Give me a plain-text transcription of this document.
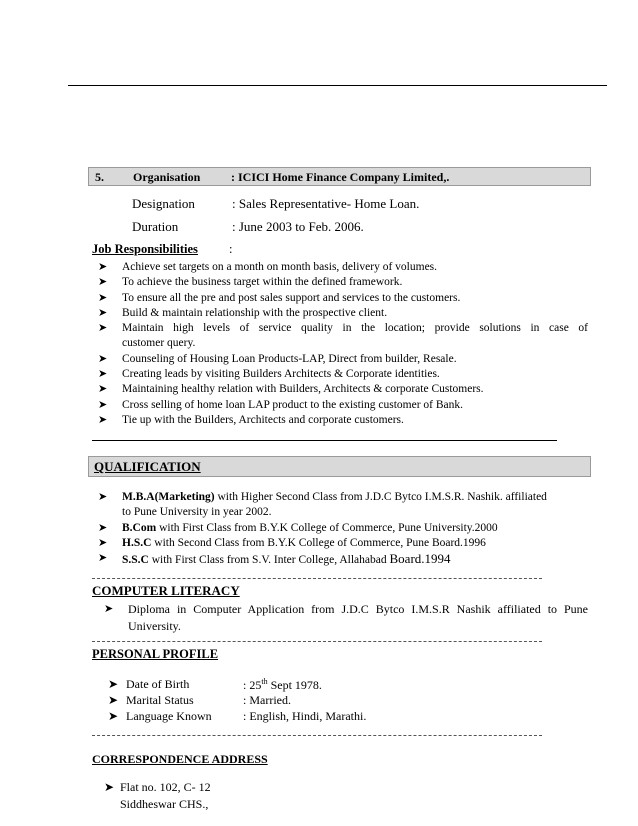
5. Organisation	: ICICI Home Finance Company Limited,.
Designation	: Sales Representative- Home Loan.
Duration	: June 2003 to Feb. 2006.
Job Responsibilities :
➤ Achieve set targets on a month on month basis, delivery of volumes.
➤ To achieve the business target within the defined framework.
➤ To ensure all the pre and post sales support and services to the customers.
➤ Build & maintain relationship with the prospective client.
➤ Maintain high levels of service quality in the location; provide solutions in case of
customer query.
➤ Counseling of Housing Loan Products-LAP, Direct from builder, Resale.
➤ Creating leads by visiting Builders Architects & Corporate identities.
➤ Maintaining healthy relation with Builders, Architects & corporate Customers.
➤ Cross selling of home loan LAP product to the existing customer of Bank.
➤ Tie up with the Builders, Architects and corporate customers.
QUALIFICATION
➤ M.B.A(Marketing) with Higher Second Class from J.D.C Bytco I.M.S.R. Nashik. affiliated
to Pune University in year 2002.
➤ B.Com with First Class from B.Y.K College of Commerce, Pune University.2000
➤ H.S.C with Second Class from B.Y.K College of Commerce, Pune Board.1996
➤ S.S.C with First Class from S.V. Inter College, Allahabad Board.1994
COMPUTER LITERACY
➤ Diploma in Computer Application from J.D.C Bytco I.M.S.R Nashik affiliated to Pune
University.
PERSONAL PROFILE
➤ Date of Birth	: 25th Sept 1978.
➤ Marital Status	: Married.
➤ Language Known	: English, Hindi, Marathi.
CORRESPONDENCE ADDRESS
➤ Flat no. 102, C- 12
Siddheswar CHS.,
